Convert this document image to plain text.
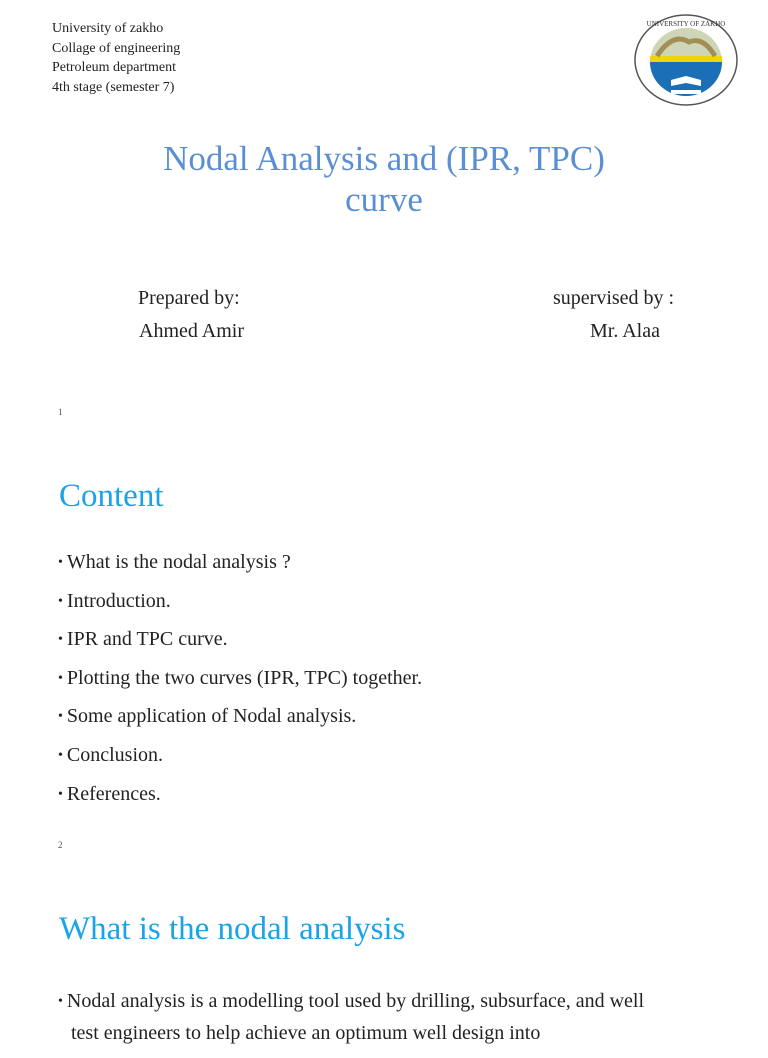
University of zakho
Collage of engineering
Petroleum department
4th stage (semester 7)
UNIVERSITY OF ZAKHO
Nodal Analysis and (IPR, TPC)
curve
Prepared by:
Ahmed Amir
supervised by :
Mr. Alaa
1
Content
• What is the nodal analysis ?
• Introduction.
• IPR and TPC curve.
• Plotting the two curves (IPR, TPC) together.
• Some application of Nodal analysis.
• Conclusion.
• References.
2
What is the nodal analysis
• Nodal analysis is a modelling tool used by drilling, subsurface, and well
test engineers to help achieve an optimum well design into
